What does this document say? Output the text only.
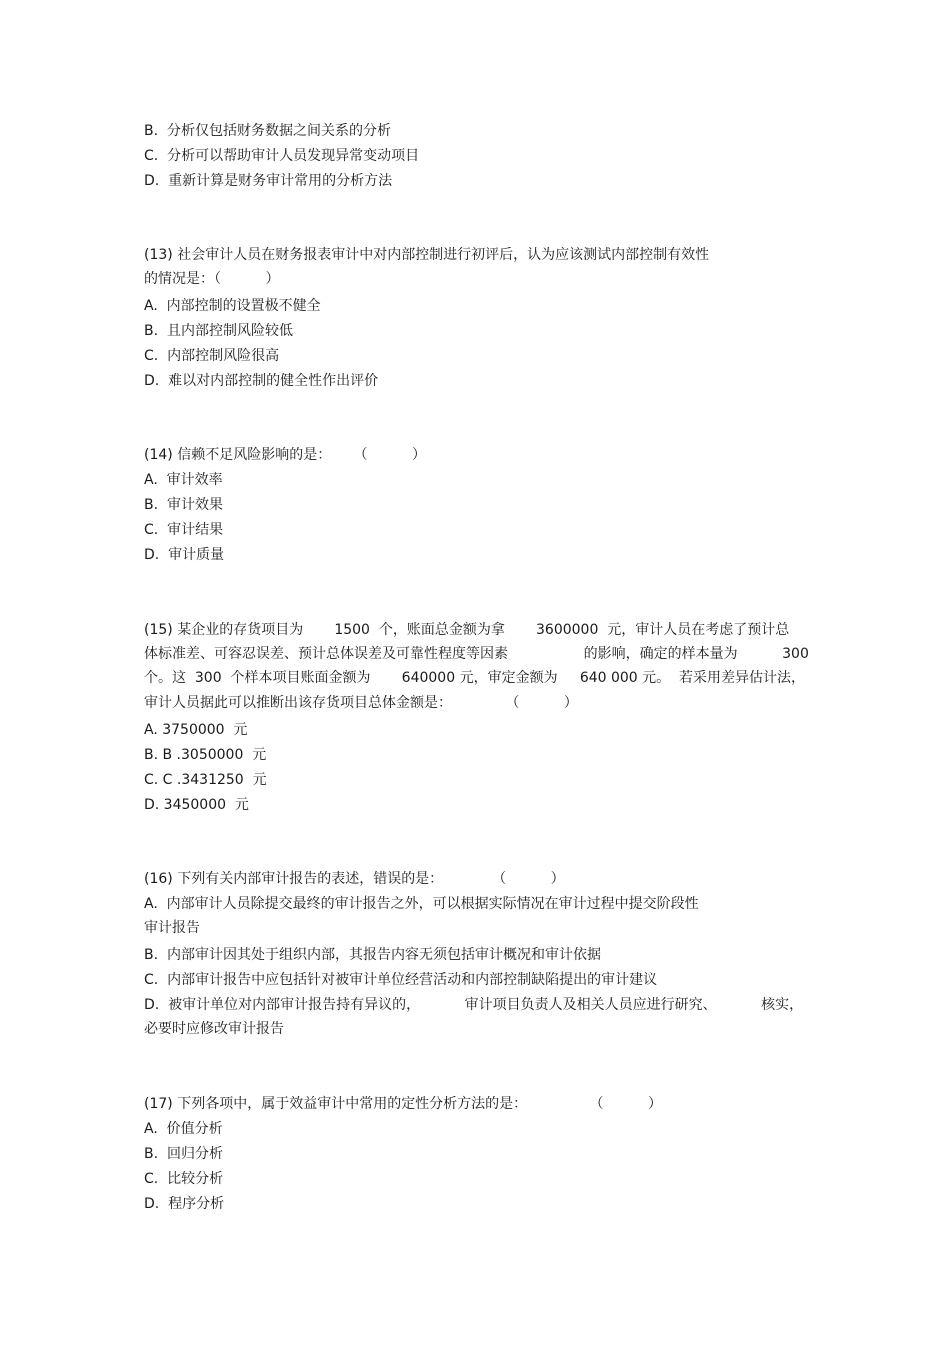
B.  分析仅包括财务数据之间关系的分析
C.  分析可以帮助审计人员发现异常变动项目
D.  重新计算是财务审计常用的分析方法
(13) 社会审计人员在财务报表审计中对内部控制进行初评后，认为应该测试内部控制有效性
的情况是：（          ）
A.  内部控制的设置极不健全
B.  且内部控制风险较低
C.  内部控制风险很高
D.  难以对内部控制的健全性作出评价
(14) 信赖不足风险影响的是：     （          ）
A.  审计效率
B.  审计效果
C.  审计结果
D.  审计质量
(15) 某企业的存货项目为       1500  个，账面总金额为拿       3600000  元，审计人员在考虑了预计总
体标准差、可容忍误差、预计总体误差及可靠性程度等因素                 的影响，确定的样本量为          300
个。这  300  个样本项目账面金额为       640000 元，审定金额为     640 000 元。  若采用差异估计法，
审计人员据此可以推断出该存货项目总体金额是：            （          ）
A. 3750000  元
B. B .3050000  元
C. C .3431250  元
D. 3450000  元
(16) 下列有关内部审计报告的表述，错误的是：           （          ）
A.  内部审计人员除提交最终的审计报告之外，可以根据实际情况在审计过程中提交阶段性
审计报告
B.  内部审计因其处于组织内部，其报告内容无须包括审计概况和审计依据
C.  内部审计报告中应包括针对被审计单位经营活动和内部控制缺陷提出的审计建议
D.  被审计单位对内部审计报告持有异议的，          审计项目负责人及相关人员应进行研究、          核实，
必要时应修改审计报告
(17) 下列各项中，属于效益审计中常用的定性分析方法的是：              （          ）
A.  价值分析
B.  回归分析
C.  比较分析
D.  程序分析
